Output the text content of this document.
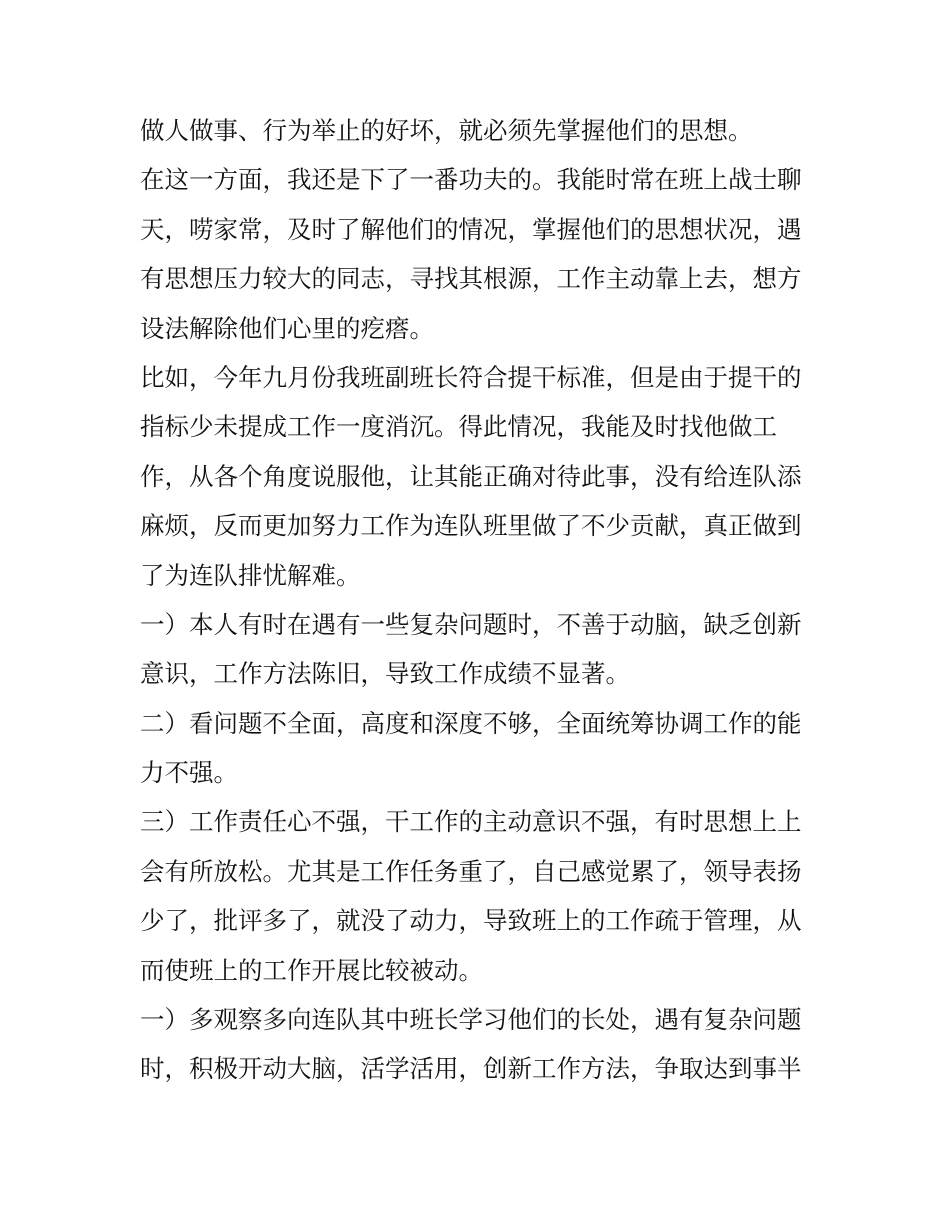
做人做事、行为举止的好坏，就必须先掌握他们的思想。
在这一方面，我还是下了一番功夫的。我能时常在班上战士聊
天，唠家常，及时了解他们的情况，掌握他们的思想状况，遇
有思想压力较大的同志，寻找其根源，工作主动靠上去，想方
设法解除他们心里的疙瘩。
比如，今年九月份我班副班长符合提干标准，但是由于提干的
指标少未提成工作一度消沉。得此情况，我能及时找他做工
作，从各个角度说服他，让其能正确对待此事，没有给连队添
麻烦，反而更加努力工作为连队班里做了不少贡献，真正做到
了为连队排忧解难。
一）本人有时在遇有一些复杂问题时，不善于动脑，缺乏创新
意识，工作方法陈旧，导致工作成绩不显著。
二）看问题不全面，高度和深度不够，全面统筹协调工作的能
力不强。
三）工作责任心不强，干工作的主动意识不强，有时思想上上
会有所放松。尤其是工作任务重了，自己感觉累了，领导表扬
少了，批评多了，就没了动力，导致班上的工作疏于管理，从
而使班上的工作开展比较被动。
一）多观察多向连队其中班长学习他们的长处，遇有复杂问题
时，积极开动大脑，活学活用，创新工作方法，争取达到事半
